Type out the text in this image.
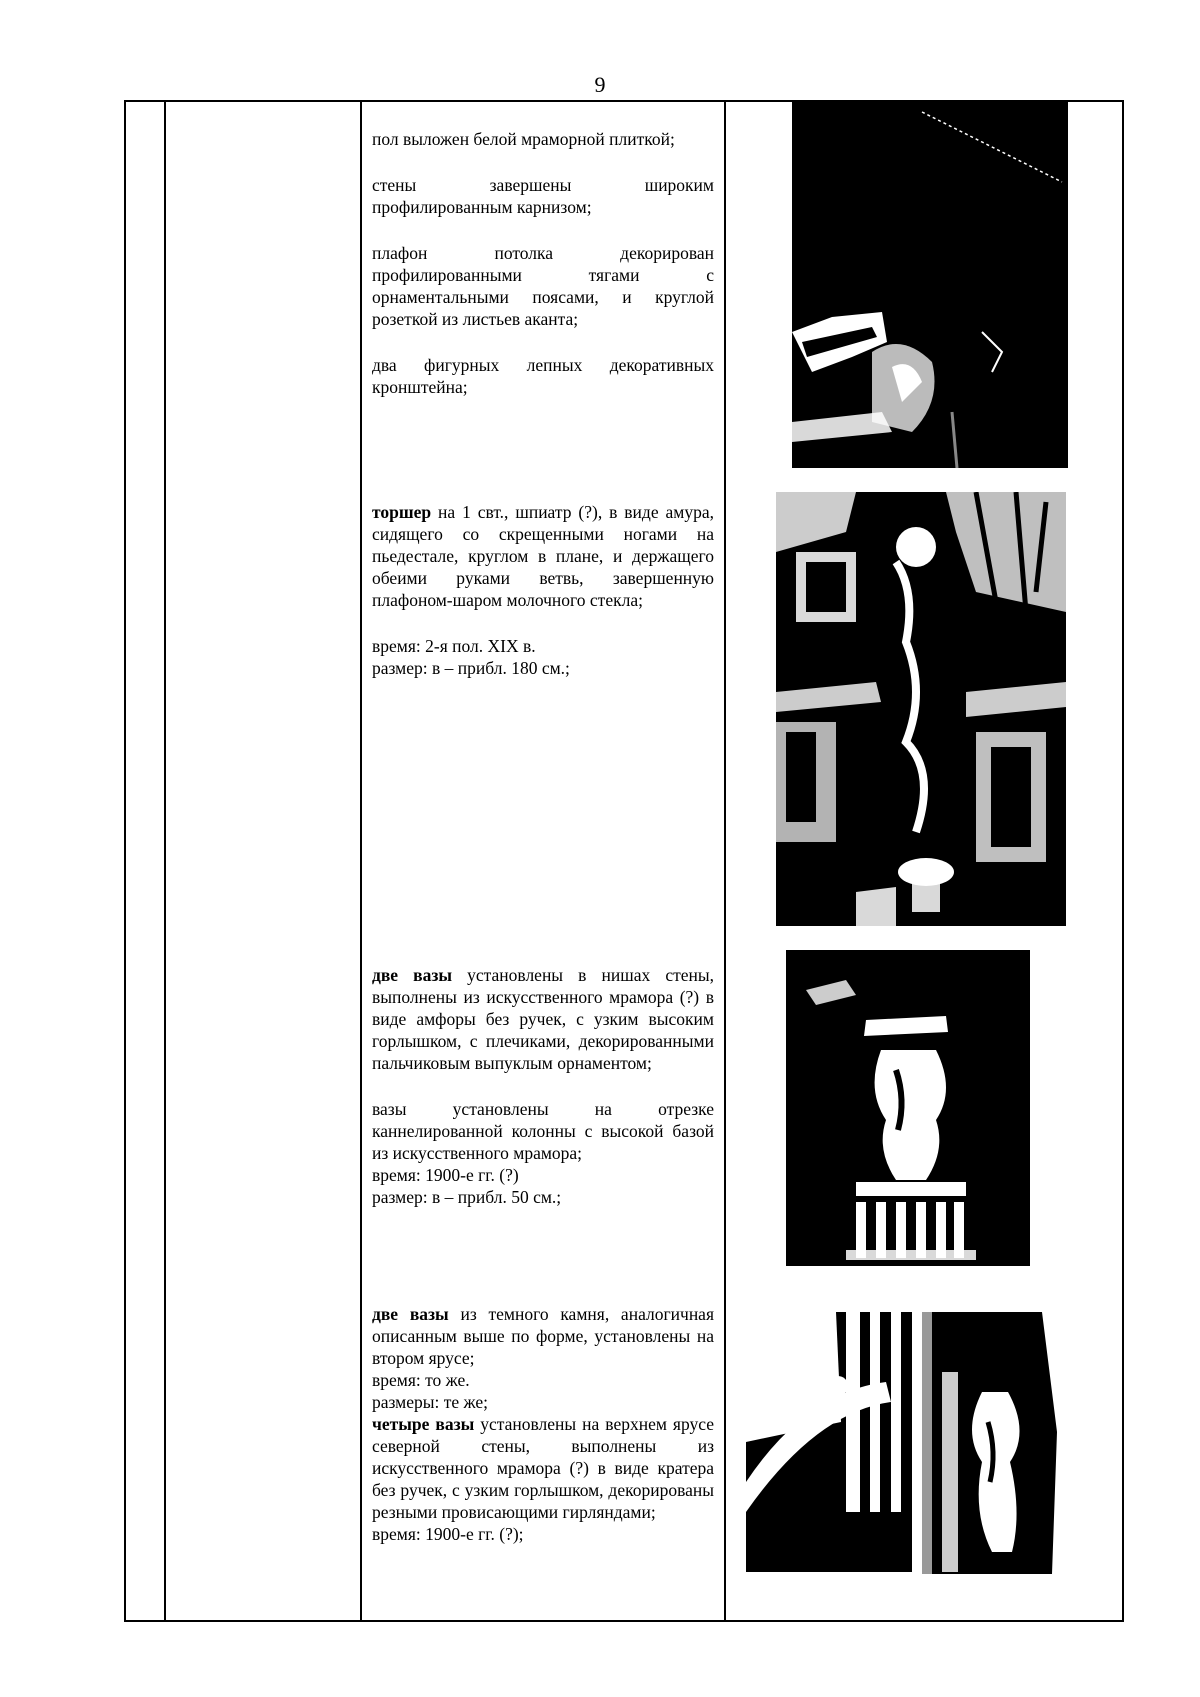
9

пол выложен белой мраморной плиткой;

стены завершены широким профилированным карнизом;

плафон потолка декорирован профилированными тягами с орнаментальными поясами, и круглой розеткой из листьев аканта;

два фигурных лепных декоративных кронштейна;

торшер на 1 свт., шпиатр (?), в виде амура, сидящего со скрещенными ногами на пьедестале, круглом в плане, и держащего обеими руками ветвь, завершенную плафоном-шаром молочного стекла;

время: 2-я пол. XIX в.

размер: в – прибл. 180 см.;

две вазы установлены в нишах стены, выполнены из искусственного мрамора (?) в виде амфоры без ручек, с узким высоким горлышком, с плечиками, декорированными пальчиковым выпуклым орнаментом;

вазы установлены на отрезке каннелированной колонны с высокой базой из искусственного мрамора;

время: 1900-е гг. (?)

размер: в – прибл. 50 см.;

две вазы из темного камня, аналогичная описанным выше по форме, установлены на втором ярусе;

время: то же.

размеры: те же;

четыре вазы установлены на верхнем ярусе северной стены, выполнены из искусственного мрамора (?) в виде кратера без ручек, с узким горлышком, декорированы резными провисающими гирляндами;

время: 1900-е гг. (?);
